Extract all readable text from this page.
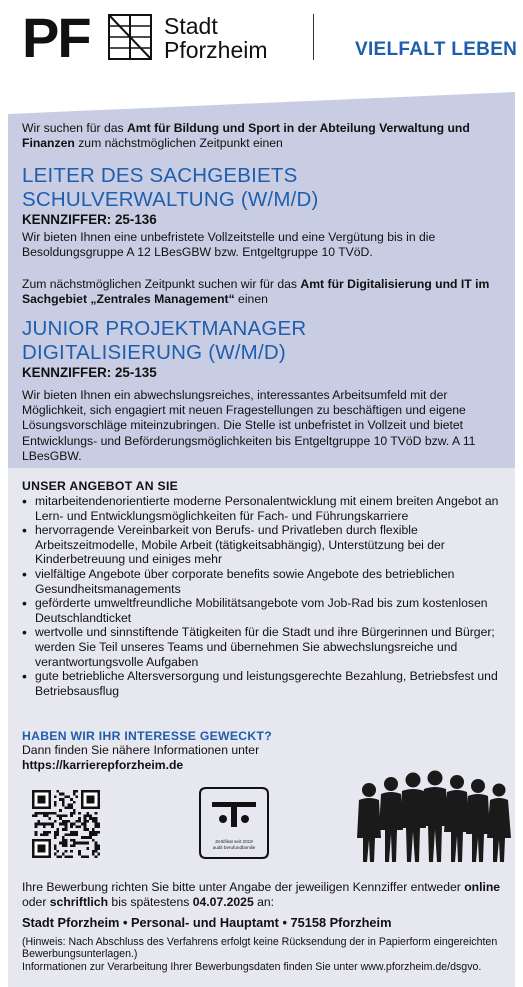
PF	Stadt
Pforzheim	VIELFALT LEBEN

Wir suchen für das Amt für Bildung und Sport in der Abteilung Verwaltung und Finanzen zum nächstmöglichen Zeitpunkt einen

LEITER DES SACHGEBIETS
SCHULVERWALTUNG (W/M/D)
KENNZIFFER: 25-136

Wir bieten Ihnen eine unbefristete Vollzeitstelle und eine Vergütung bis in die Besoldungsgruppe A 12 LBesGBW bzw. Entgeltgruppe 10 TVöD.

Zum nächstmöglichen Zeitpunkt suchen wir für das Amt für Digitalisierung und IT im Sachgebiet „Zentrales Management“ einen

JUNIOR PROJEKTMANAGER
DIGITALISIERUNG (W/M/D)
KENNZIFFER: 25-135

Wir bieten Ihnen ein abwechslungsreiches, interessantes Arbeitsumfeld mit der Möglichkeit, sich engagiert mit neuen Fragestellungen zu beschäftigen und eigene Lösungsvorschläge miteinzubringen. Die Stelle ist unbefristet in Vollzeit und bietet Entwicklungs- und Beförderungsmöglichkeiten bis Entgeltgruppe 10 TVöD bzw. A 11 LBesGBW.

UNSER ANGEBOT AN SIE
• mitarbeitendenorientierte moderne Personalentwicklung mit einem breiten Angebot an Lern- und Entwicklungsmöglichkeiten für Fach- und Führungskarriere
• hervorragende Vereinbarkeit von Berufs- und Privatleben durch flexible Arbeitszeitmodelle, Mobile Arbeit (tätigkeitsabhängig), Unterstützung bei der Kinderbetreuung und einiges mehr
• vielfältige Angebote über corporate benefits sowie Angebote des betrieblichen Gesundheitsmanagements
• geförderte umweltfreundliche Mobilitätsangebote vom Job-Rad bis zum kostenlosen Deutschlandticket
• wertvolle und sinnstiftende Tätigkeiten für die Stadt und ihre Bürgerinnen und Bürger; werden Sie Teil unseres Teams und übernehmen Sie abwechslungsreiche und verantwortungsvolle Aufgaben
• gute betriebliche Altersversorgung und leistungsgerechte Bezahlung, Betriebsfest und Betriebsausflug
HABEN WIR IHR INTERESSE GEWECKT?
Dann finden Sie nähere Informationen unter
https://karrierepforzheim.de
Zertifikat seit 2018
audit berufundfamilie

Ihre Bewerbung richten Sie bitte unter Angabe der jeweiligen Kennziffer entweder online oder schriftlich bis spätestens 04.07.2025 an:

Stadt Pforzheim • Personal- und Hauptamt • 75158 Pforzheim

(Hinweis: Nach Abschluss des Verfahrens erfolgt keine Rücksendung der in Papierform eingereichten Bewerbungsunterlagen.)

Informationen zur Verarbeitung Ihrer Bewerbungsdaten finden Sie unter www.pforzheim.de/dsgvo.
